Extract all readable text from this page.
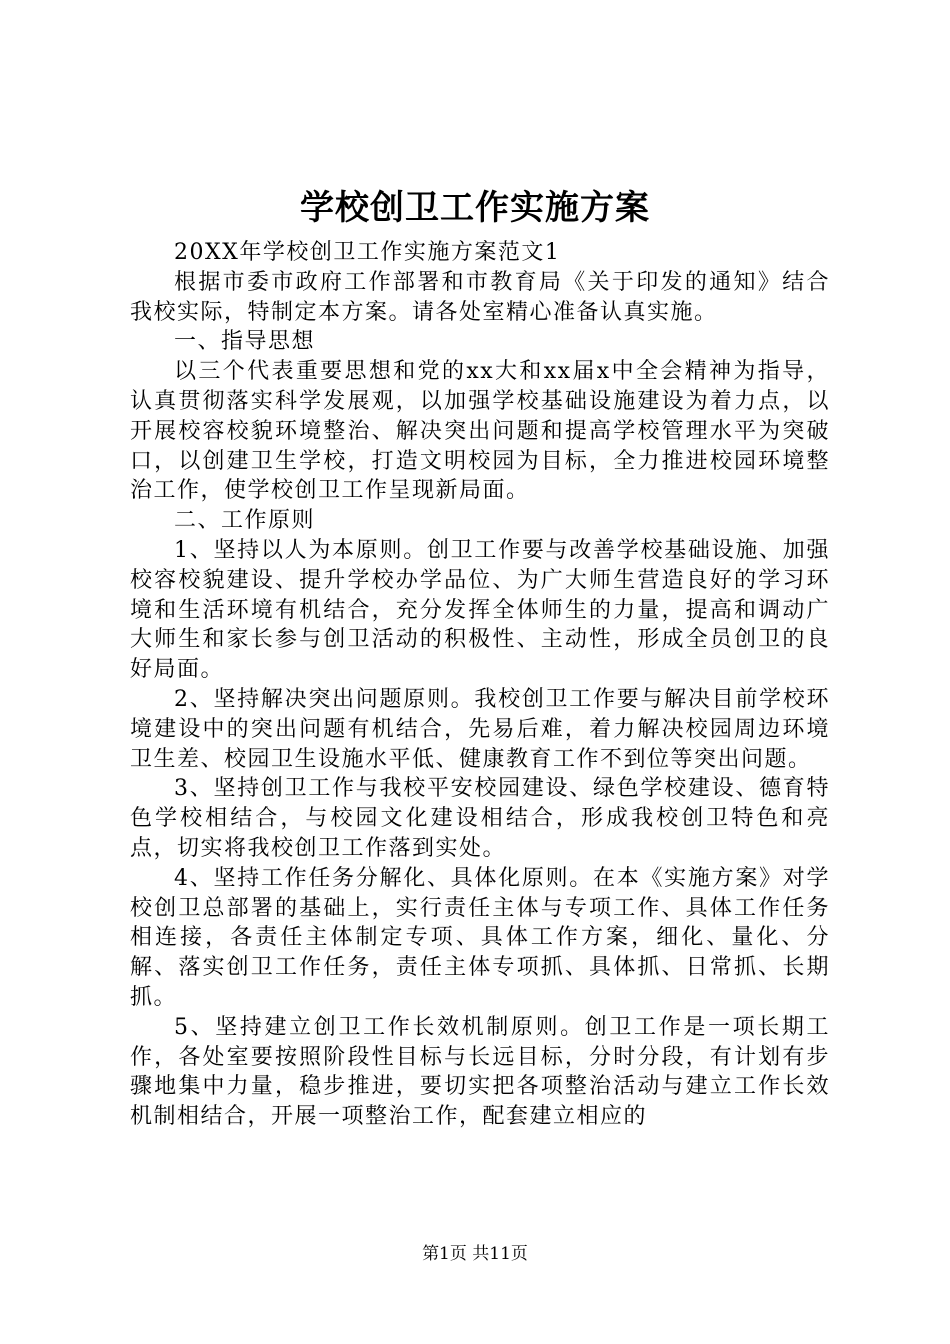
学校创卫工作实施方案

20XX年学校创卫工作实施方案范文1

根据市委市政府工作部署和市教育局《关于印发的通知》结合我校实际，特制定本方案。请各处室精心准备认真实施。

一、指导思想

以三个代表重要思想和党的xx大和xx届x中全会精神为指导，认真贯彻落实科学发展观，以加强学校基础设施建设为着力点，以开展校容校貌环境整治、解决突出问题和提高学校管理水平为突破口，以创建卫生学校，打造文明校园为目标，全力推进校园环境整治工作，使学校创卫工作呈现新局面。

二、工作原则

1、坚持以人为本原则。创卫工作要与改善学校基础设施、加强校容校貌建设、提升学校办学品位、为广大师生营造良好的学习环境和生活环境有机结合，充分发挥全体师生的力量，提高和调动广大师生和家长参与创卫活动的积极性、主动性，形成全员创卫的良好局面。

2、坚持解决突出问题原则。我校创卫工作要与解决目前学校环境建设中的突出问题有机结合，先易后难，着力解决校园周边环境卫生差、校园卫生设施水平低、健康教育工作不到位等突出问题。

3、坚持创卫工作与我校平安校园建设、绿色学校建设、德育特色学校相结合，与校园文化建设相结合，形成我校创卫特色和亮点，切实将我校创卫工作落到实处。

4、坚持工作任务分解化、具体化原则。在本《实施方案》对学校创卫总部署的基础上，实行责任主体与专项工作、具体工作任务相连接，各责任主体制定专项、具体工作方案，细化、量化、分解、落实创卫工作任务，责任主体专项抓、具体抓、日常抓、长期抓。

5、坚持建立创卫工作长效机制原则。创卫工作是一项长期工作，各处室要按照阶段性目标与长远目标，分时分段，有计划有步骤地集中力量，稳步推进，要切实把各项整治活动与建立工作长效机制相结合，开展一项整治工作，配套建立相应的

第1页 共11页
